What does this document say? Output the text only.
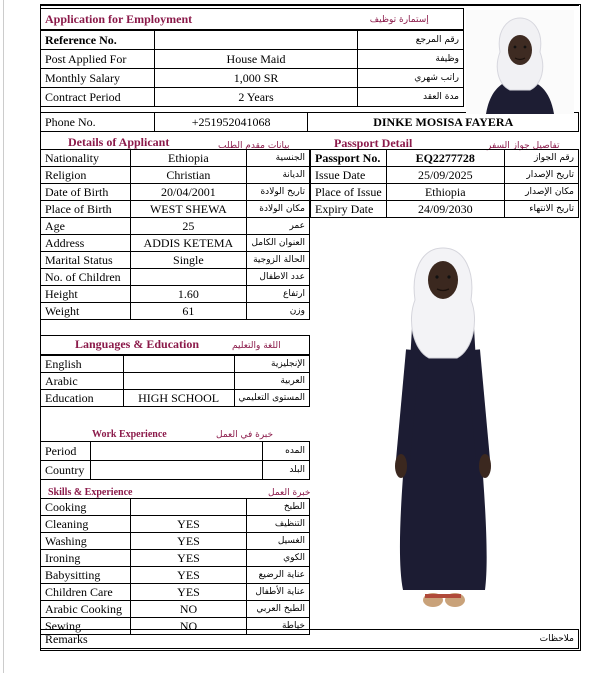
Application for Employment	إستمارة توظيف
Reference No.		رقم المرجع
Post Applied For	House Maid	وظيفة
Monthly Salary	1,000 SR	راتب شهري
Contract Period	2 Years	مدة العقد
Phone No.	+251952041068	DINKE MOSISA FAYERA
Details of Applicant	بيانات مقدم الطلب	Passport Detail	تفاصيل جواز السفر
Nationality	Ethiopia	الجنسية
Religion	Christian	الديانة
Date of Birth	20/04/2001	تاريخ الولادة
Place of Birth	WEST SHEWA	مكان الولادة
Age	25	عمر
Address	ADDIS KETEMA	العنوان الكامل
Marital Status	Single	الحالة الزوجية
No. of Children		عدد الاطفال
Height	1.60	ارتفاع
Weight	61	وزن
Passport No.	EQ2277728	رقم الجواز
Issue Date	25/09/2025	تاريخ الإصدار
Place of Issue	Ethiopia	مكان الإصدار
Expiry Date	24/09/2030	تاريخ الانتهاء
Languages & Education	اللغة والتعليم
English		الإنجليزية
Arabic		العربية
Education	HIGH SCHOOL	المستوى التعليمي
Work Experience	خبرة في العمل
Period		المده
Country		البلد
Skills & Experience	خبرة العمل
Cooking		الطبخ
Cleaning	YES	التنظيف
Washing	YES	الغسيل
Ironing	YES	الكوي
Babysitting	YES	عناية الرضيع
Children Care	YES	عناية الأطفال
Arabic Cooking	NO	الطبخ العربي
Sewing	NO	خياطة
Remarks	ملاحظات
